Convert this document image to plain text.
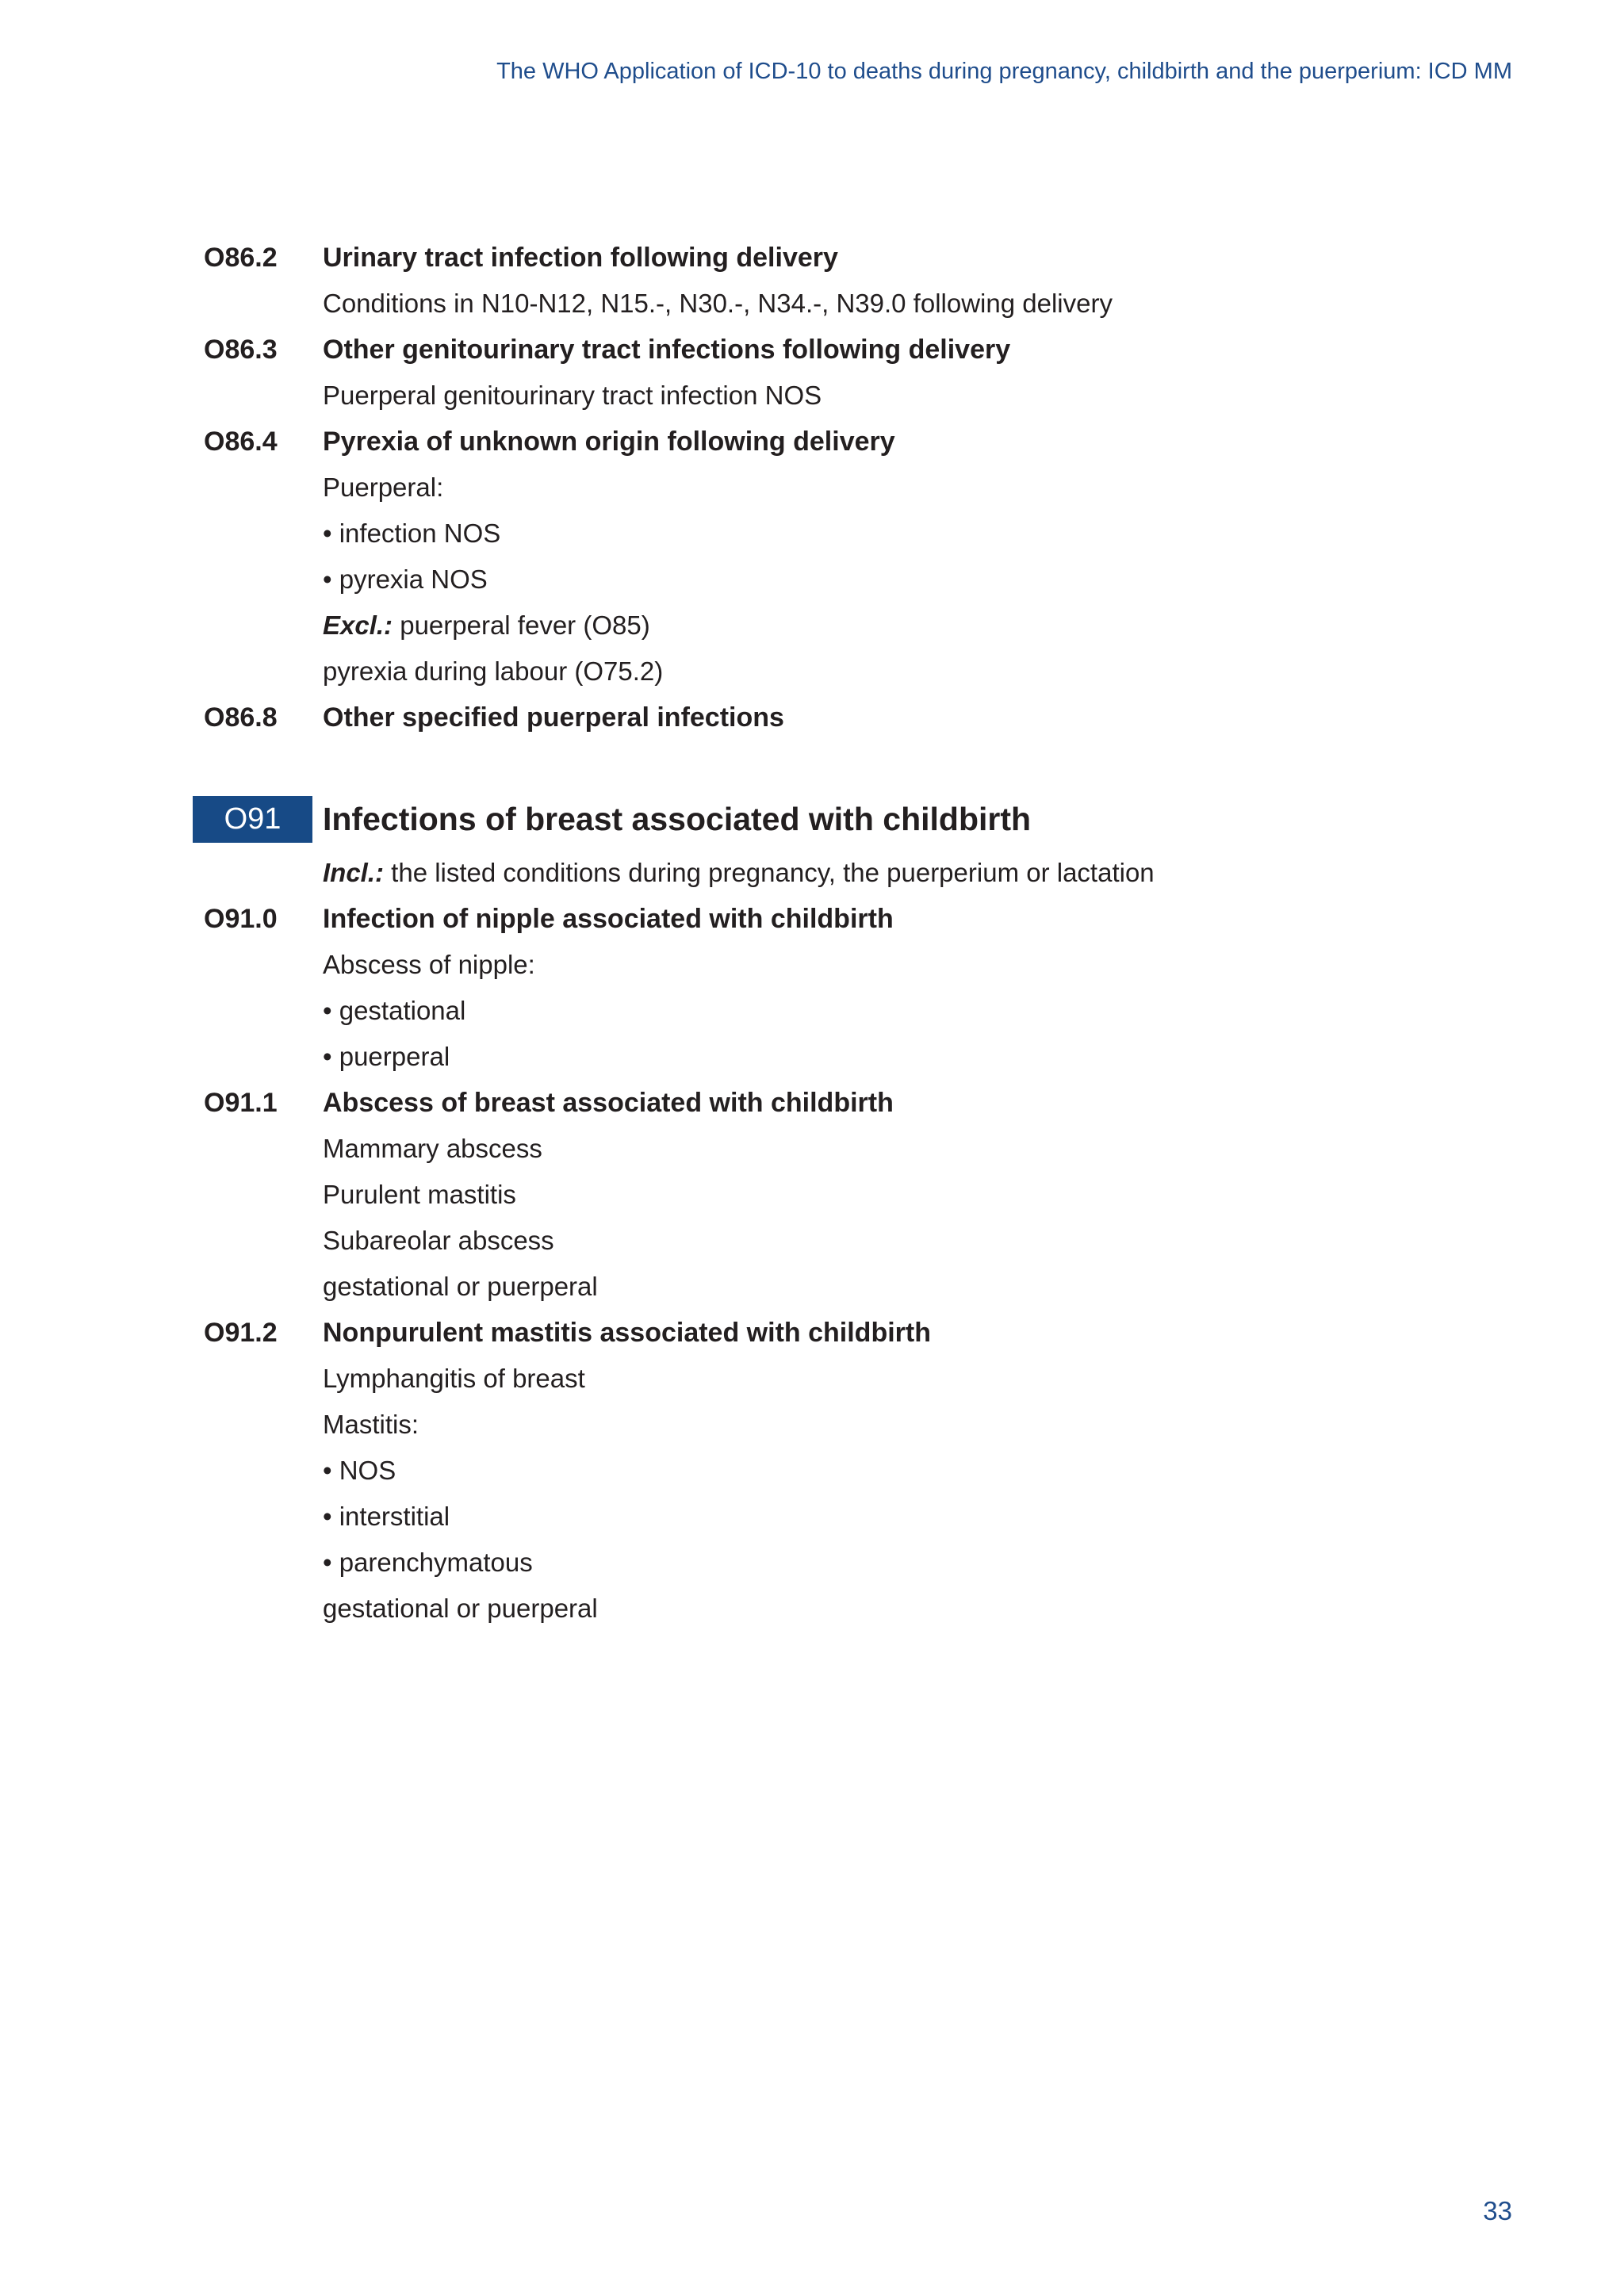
The WHO Application of ICD-10 to deaths during pregnancy, childbirth and the puerperium: ICD MM
O86.2 Urinary tract infection following delivery
Conditions in N10-N12, N15.-, N30.-, N34.-, N39.0 following delivery
O86.3 Other genitourinary tract infections following delivery
Puerperal genitourinary tract infection NOS
O86.4 Pyrexia of unknown origin following delivery
Puerperal:
• infection NOS
• pyrexia NOS
Excl.: puerperal fever (O85)
pyrexia during labour (O75.2)
O86.8 Other specified puerperal infections
O91	Infections of breast associated with childbirth
Incl.: the listed conditions during pregnancy, the puerperium or lactation
O91.0 Infection of nipple associated with childbirth
Abscess of nipple:
• gestational
• puerperal
O91.1 Abscess of breast associated with childbirth
Mammary abscess
Purulent mastitis
Subareolar abscess
gestational or puerperal
O91.2 Nonpurulent mastitis associated with childbirth
Lymphangitis of breast
Mastitis:
• NOS
• interstitial
• parenchymatous
gestational or puerperal
33
